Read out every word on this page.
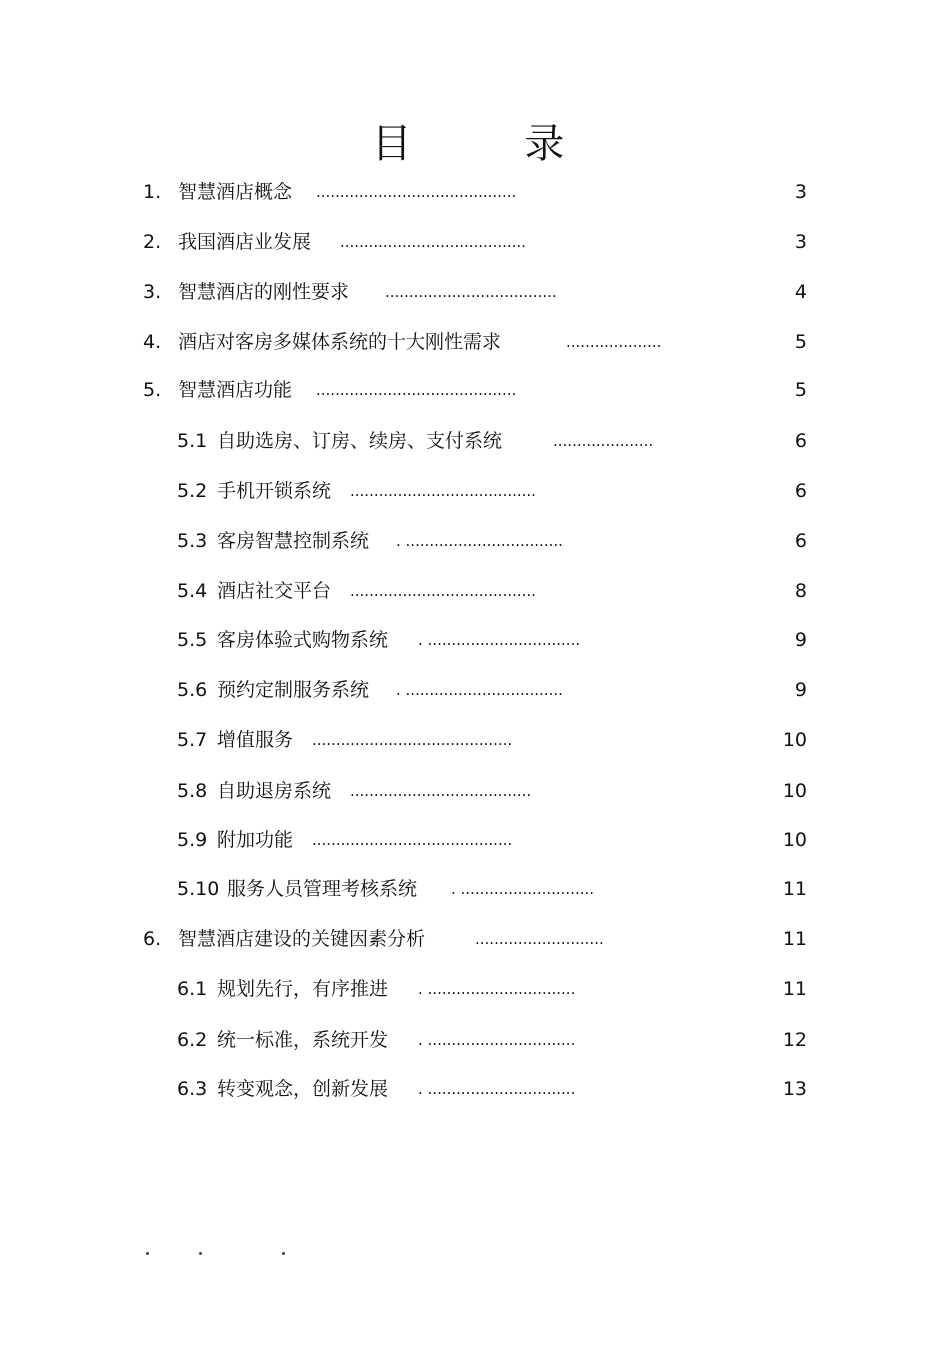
目 录
1. 智慧酒店概念 ..........................................	3
2. 我国酒店业发展 .......................................	3
3. 智慧酒店的刚性要求 ....................................	4
4. 酒店对客房多媒体系统的十大刚性需求	....................	5
5. 智慧酒店功能 ..........................................	5
5.1 自助选房、订房、续房、支付系统	.....................	6
5.2 手机开锁系统 .......................................	6
5.3 客房智慧控制系统 . .................................	6
5.4 酒店社交平台 .......................................	8
5.5 客房体验式购物系统 . ................................	9
5.6 预约定制服务系统 . .................................	9
5.7 增值服务 ..........................................	10
5.8 自助退房系统 ......................................	10
5.9 附加功能 ..........................................	10
5.10 服务人员管理考核系统 . ............................	11
6. 智慧酒店建设的关键因素分析	...........................	11
6.1 规划先行，有序推进 . ...............................	11
6.2 统一标准，系统开发 . ...............................	12
6.3 转变观念，创新发展 . ...............................	13
